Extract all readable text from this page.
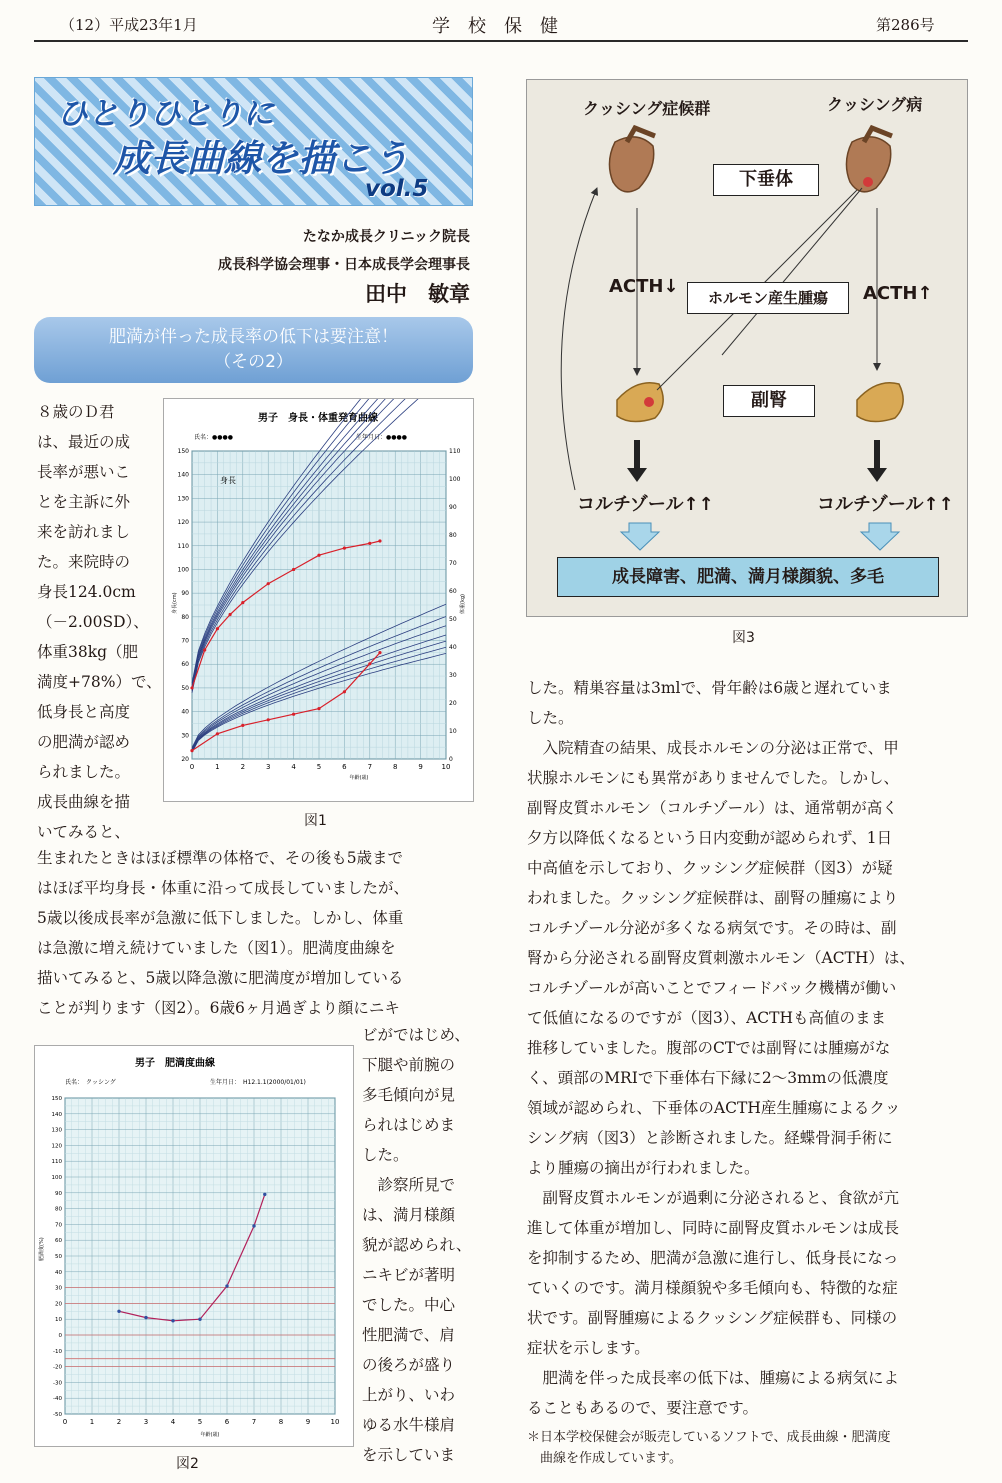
（12）平成23年1月	学　校　保　健	第286号
ひとりひとりに
成長曲線を描こう
vol.5
たなか成長クリニック院長
成長科学協会理事・日本成長学会理事長
田中　敏章
肥満が伴った成長率の低下は要注意！
（その2）

８歳のＤ君

は、最近の成

長率が悪いこ

とを主訴に外

来を訪れまし

た。来院時の

身長124.0cm

（－2.00SD）、

体重38kg（肥

満度+78%）で、

低身長と高度

の肥満が認め

られました。

成長曲線を描

いてみると、

生まれたときはほぼ標準の体格で、その後も5歳まで

はほぼ平均身長・体重に沿って成長していましたが、

5歳以後成長率が急激に低下しました。しかし、体重

は急激に増え続けていました（図1）。肥満度曲線を

描いてみると、5歳以降急激に肥満度が増加している

ことが判ります（図2）。6歳6ヶ月過ぎより顔にニキ

ビがではじめ、

下腿や前腕の

多毛傾向が見

られはじめま

した。

　診察所見で

は、満月様顔

貌が認められ、

ニキビが著明

でした。中心

性肥満で、肩

の後ろが盛り

上がり、いわ

ゆる水牛様肩

を示していま

した。精巣容量は3mlで、骨年齢は6歳と遅れていま

した。

　入院精査の結果、成長ホルモンの分泌は正常で、甲

状腺ホルモンにも異常がありませんでした。しかし、

副腎皮質ホルモン（コルチゾール）は、通常朝が高く

夕方以降低くなるという日内変動が認められず、1日

中高値を示しており、クッシング症候群（図3）が疑

われました。クッシング症候群は、副腎の腫瘍により

コルチゾール分泌が多くなる病気です。その時は、副

腎から分泌される副腎皮質刺激ホルモン（ACTH）は、

コルチゾールが高いことでフィードバック機構が働い

て低値になるのですが（図3）、ACTHも高値のまま

推移していました。腹部のCTでは副腎には腫瘍がな

く、頭部のMRIで下垂体右下縁に2～3mmの低濃度

領域が認められ、下垂体のACTH産生腫瘍によるクッ

シング病（図3）と診断されました。経蝶骨洞手術に

より腫瘍の摘出が行われました。

　副腎皮質ホルモンが過剰に分泌されると、食欲が亢

進して体重が増加し、同時に副腎皮質ホルモンは成長

を抑制するため、肥満が急激に進行し、低身長になっ

ていくのです。満月様顔貌や多毛傾向も、特徴的な症

状です。副腎腫瘍によるクッシング症候群も、同様の

症状を示します。

　肥満を伴った成長率の低下は、腫瘍による病気によ

ることもあるので、要注意です。

＊日本学校保健会が販売しているソフトで、成長曲線・肥満度
　曲線を作成しています。
男子　身長・体重発育曲線
氏名：●●●●	生年月日：●●●●
0	1	2	3	4	5	6	7	8	9	10
20
30
40
50
60
70
80
90
100
110
120
130
140
150
0
10
20
30
40
50
60
70
80
90
100
110
年齢(歳)
身長(cm)	体重(kg)
身長
図1
男子　肥満度曲線
氏名：　クッシング	生年月日：　H12.1.1(2000/01/01)
0	1	2	3	4	5	6	7	8	9	10
-50
-40
-30
-20
-10
0
10
20
30
40
50
60
70
80
90
100
110
120
130
140
150
年齢(歳)
肥満度(%)
図2
クッシング症候群	クッシング病
下垂体
ホルモン産生腫瘍
副腎
ACTH↓	ACTH↑
コルチゾール↑↑	コルチゾール↑↑
成長障害、肥満、満月様顔貌、多毛
図3
